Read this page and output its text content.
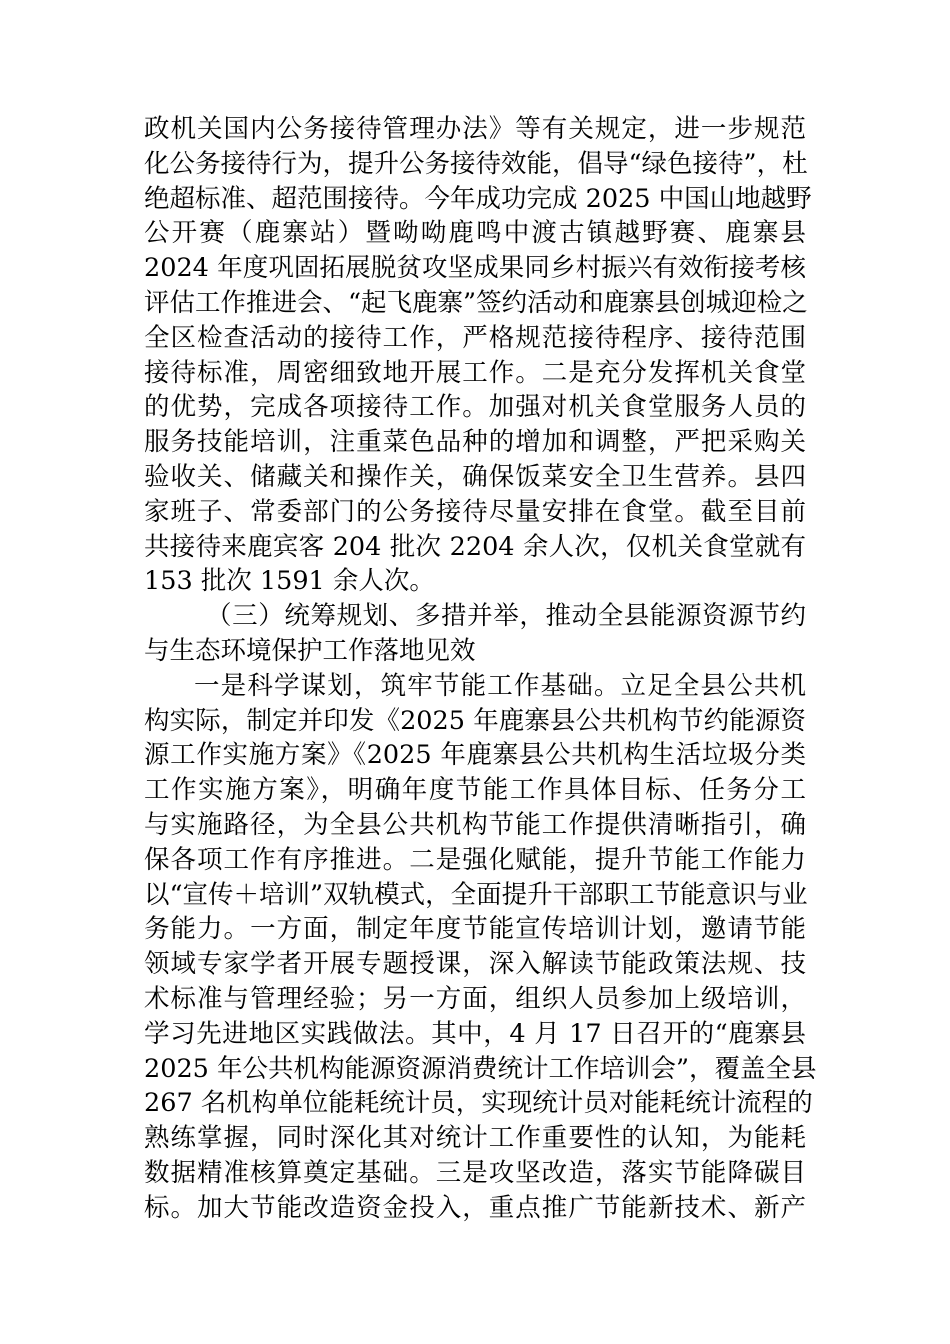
政机关国内公务接待管理办法》等有关规定，进一步规范
化公务接待行为，提升公务接待效能，倡导“绿色接待”，杜
绝超标准、超范围接待。今年成功完成 2025 中国山地越野
公开赛（鹿寨站）暨呦呦鹿鸣中渡古镇越野赛、鹿寨县
2024 年度巩固拓展脱贫攻坚成果同乡村振兴有效衔接考核
评估工作推进会、“起飞鹿寨”签约活动和鹿寨县创城迎检之
全区检查活动的接待工作，严格规范接待程序、接待范围
接待标准，周密细致地开展工作。二是充分发挥机关食堂
的优势，完成各项接待工作。加强对机关食堂服务人员的
服务技能培训，注重菜色品种的增加和调整，严把采购关
验收关、储藏关和操作关，确保饭菜安全卫生营养。县四
家班子、常委部门的公务接待尽量安排在食堂。截至目前
共接待来鹿宾客 204 批次 2204 余人次，仅机关食堂就有
153 批次 1591 余人次。
（三）统筹规划、多措并举，推动全县能源资源节约
与生态环境保护工作落地见效
一是科学谋划，筑牢节能工作基础。立足全县公共机
构实际，制定并印发《2025 年鹿寨县公共机构节约能源资
源工作实施方案》《2025 年鹿寨县公共机构生活垃圾分类
工作实施方案》，明确年度节能工作具体目标、任务分工
与实施路径，为全县公共机构节能工作提供清晰指引，确
保各项工作有序推进。二是强化赋能，提升节能工作能力
以“宣传＋培训”双轨模式，全面提升干部职工节能意识与业
务能力。一方面，制定年度节能宣传培训计划，邀请节能
领域专家学者开展专题授课，深入解读节能政策法规、技
术标准与管理经验；另一方面，组织人员参加上级培训，
学习先进地区实践做法。其中，4 月 17 日召开的“鹿寨县
2025 年公共机构能源资源消费统计工作培训会”，覆盖全县
267 名机构单位能耗统计员，实现统计员对能耗统计流程的
熟练掌握，同时深化其对统计工作重要性的认知，为能耗
数据精准核算奠定基础。三是攻坚改造，落实节能降碳目
标。加大节能改造资金投入，重点推广节能新技术、新产
